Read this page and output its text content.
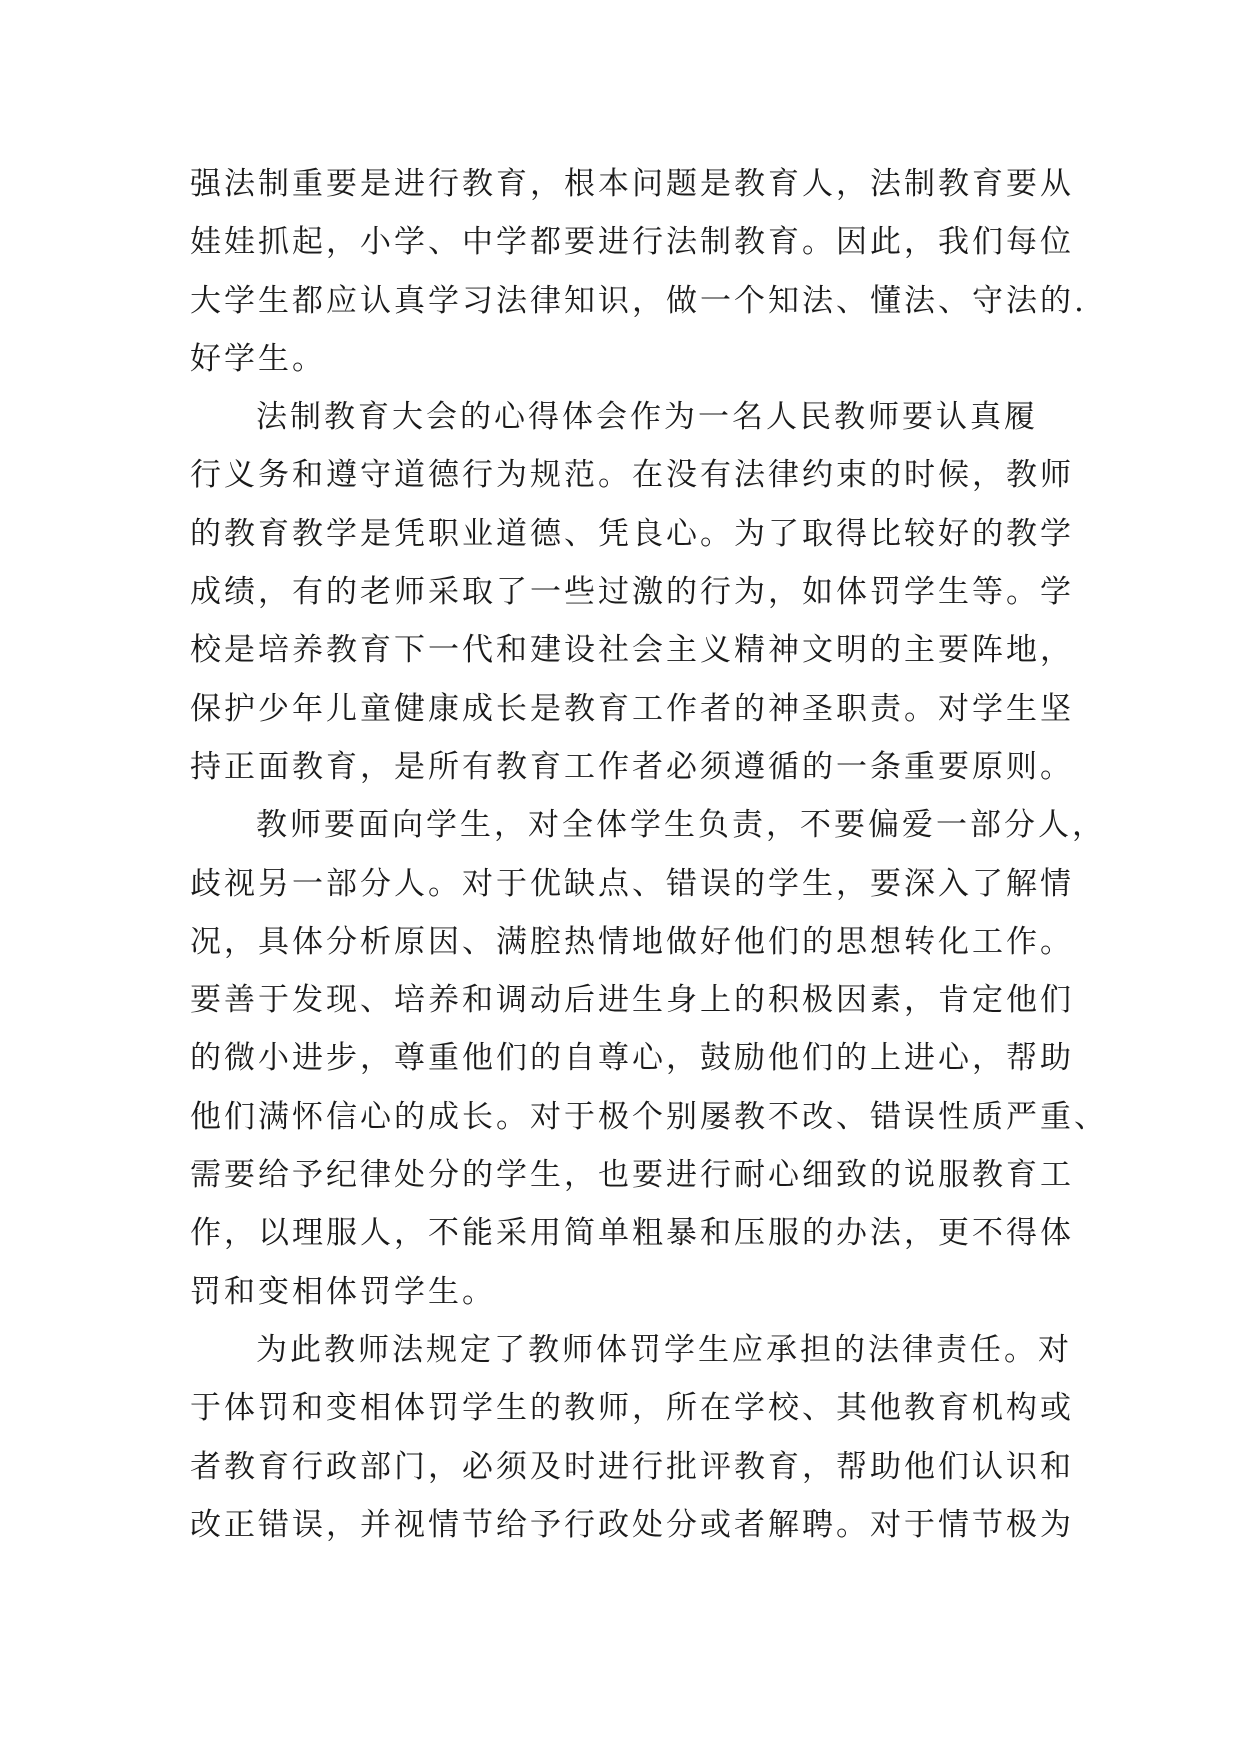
强法制重要是进行教育，根本问题是教育人，法制教育要从
娃娃抓起，小学、中学都要进行法制教育。因此，我们每位
大学生都应认真学习法律知识，做一个知法、懂法、守法的.
好学生。
法制教育大会的心得体会作为一名人民教师要认真履
行义务和遵守道德行为规范。在没有法律约束的时候，教师
的教育教学是凭职业道德、凭良心。为了取得比较好的教学
成绩，有的老师采取了一些过激的行为，如体罚学生等。学
校是培养教育下一代和建设社会主义精神文明的主要阵地，
保护少年儿童健康成长是教育工作者的神圣职责。对学生坚
持正面教育，是所有教育工作者必须遵循的一条重要原则。
教师要面向学生，对全体学生负责，不要偏爱一部分人，
歧视另一部分人。对于优缺点、错误的学生，要深入了解情
况，具体分析原因、满腔热情地做好他们的思想转化工作。
要善于发现、培养和调动后进生身上的积极因素，肯定他们
的微小进步，尊重他们的自尊心，鼓励他们的上进心，帮助
他们满怀信心的成长。对于极个别屡教不改、错误性质严重、
需要给予纪律处分的学生，也要进行耐心细致的说服教育工
作，以理服人，不能采用简单粗暴和压服的办法，更不得体
罚和变相体罚学生。
为此教师法规定了教师体罚学生应承担的法律责任。对
于体罚和变相体罚学生的教师，所在学校、其他教育机构或
者教育行政部门，必须及时进行批评教育，帮助他们认识和
改正错误，并视情节给予行政处分或者解聘。对于情节极为
